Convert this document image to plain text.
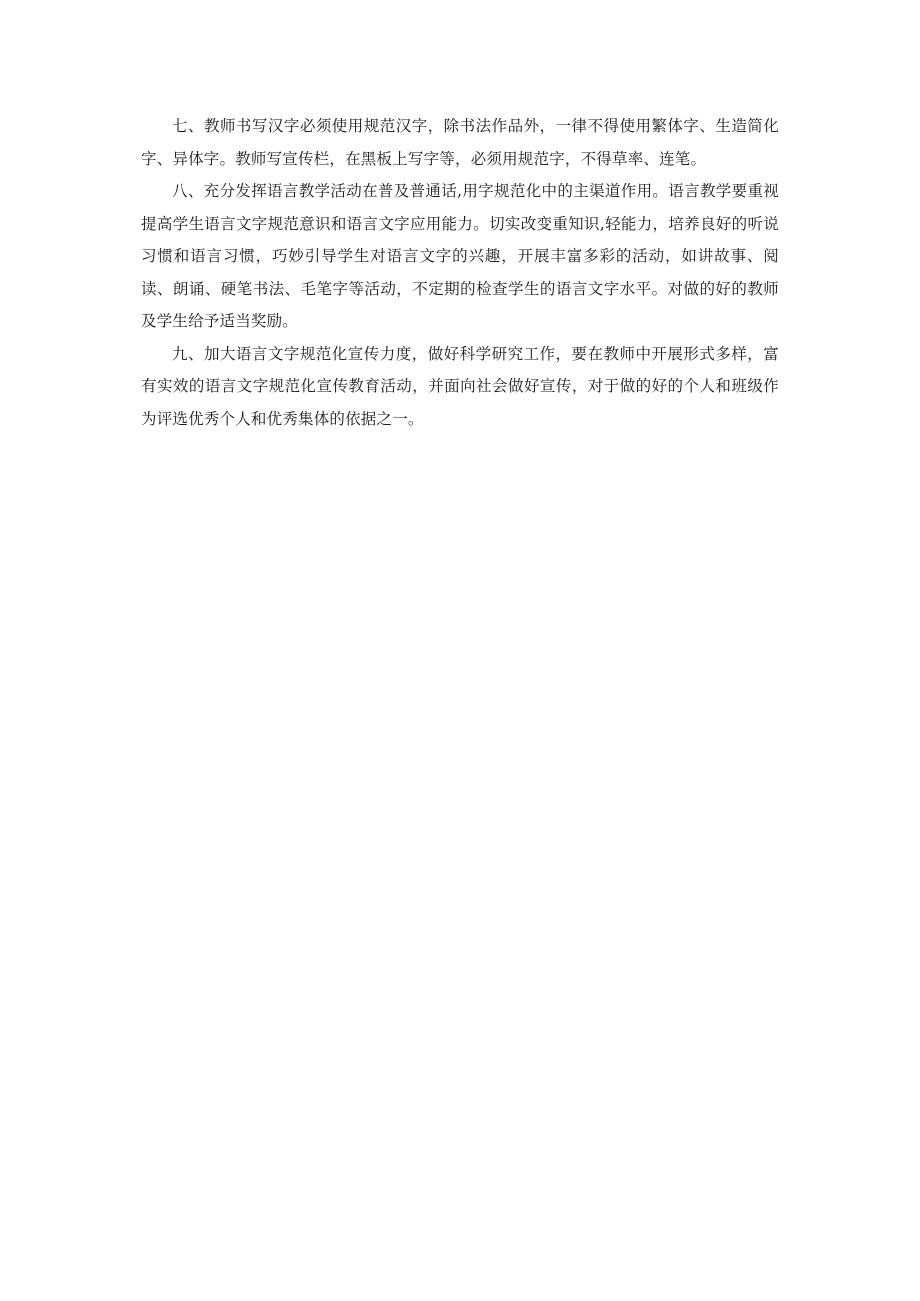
七、教师书写汉字必须使用规范汉字，除书法作品外，一律不得使用繁体字、生造简化字、异体字。教师写宣传栏，在黑板上写字等，必须用规范字，不得草率、连笔。

八、充分发挥语言教学活动在普及普通话,用字规范化中的主渠道作用。语言教学要重视提高学生语言文字规范意识和语言文字应用能力。切实改变重知识,轻能力，培养良好的听说习惯和语言习惯，巧妙引导学生对语言文字的兴趣，开展丰富多彩的活动，如讲故事、阅读、朗诵、硬笔书法、毛笔字等活动，不定期的检查学生的语言文字水平。对做的好的教师及学生给予适当奖励。

九、加大语言文字规范化宣传力度，做好科学研究工作，要在教师中开展形式多样，富有实效的语言文字规范化宣传教育活动，并面向社会做好宣传，对于做的好的个人和班级作为评选优秀个人和优秀集体的依据之一。
